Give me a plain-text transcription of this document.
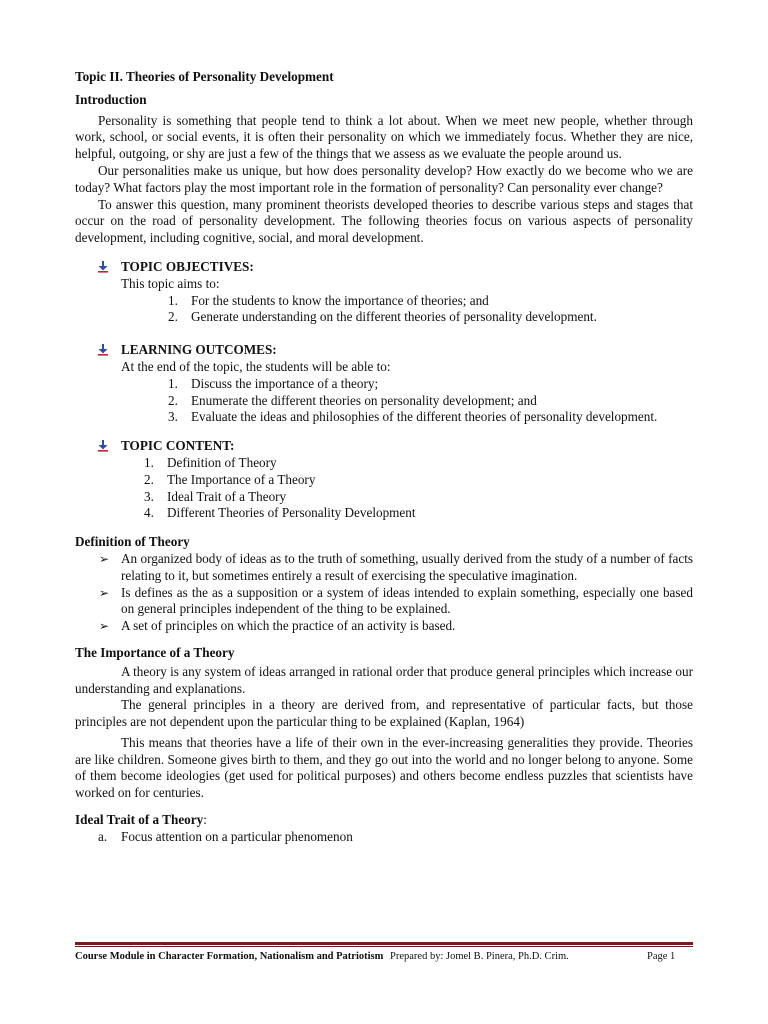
Topic II. Theories of Personality Development

Introduction

Personality is something that people tend to think a lot about. When we meet new people, whether through work, school, or social events, it is often their personality on which we immediately focus. Whether they are nice, helpful, outgoing, or shy are just a few of the things that we assess as we evaluate the people around us.

Our personalities make us unique, but how does personality develop? How exactly do we become who we are today? What factors play the most important role in the formation of personality? Can personality ever change?

To answer this question, many prominent theorists developed theories to describe various steps and stages that occur on the road of personality development. The following theories focus on various aspects of personality development, including cognitive, social, and moral development.

TOPIC OBJECTIVES:

This topic aims to:

1. For the students to know the importance of theories; and
2. Generate understanding on the different theories of personality development.
LEARNING OUTCOMES:

At the end of the topic, the students will be able to:

1. Discuss the importance of a theory;
2. Enumerate the different theories on personality development; and
3. Evaluate the ideas and philosophies of the different theories of personality development.
TOPIC CONTENT:
1. Definition of Theory
2. The Importance of a Theory
3. Ideal Trait of a Theory
4. Different Theories of Personality Development

Definition of Theory

➢ An organized body of ideas as to the truth of something, usually derived from the study of a number of facts relating to it, but sometimes entirely a result of exercising the speculative imagination.
➢ Is defines as the as a supposition or a system of ideas intended to explain something, especially one based on general principles independent of the thing to be explained.
➢ A set of principles on which the practice of an activity is based.

The Importance of a Theory

A theory is any system of ideas arranged in rational order that produce general principles which increase our understanding and explanations.

The general principles in a theory are derived from, and representative of particular facts, but those principles are not dependent upon the particular thing to be explained (Kaplan, 1964)

This means that theories have a life of their own in the ever-increasing generalities they provide. Theories are like children. Someone gives birth to them, and they go out into the world and no longer belong to anyone. Some of them become ideologies (get used for political purposes) and others become endless puzzles that scientists have worked on for centuries.

Ideal Trait of a Theory:

a. Focus attention on a particular phenomenon
Course Module in Character Formation, Nationalism and Patriotism Prepared by: Jomel B. Pinera, Ph.D. Crim.	Page 1
